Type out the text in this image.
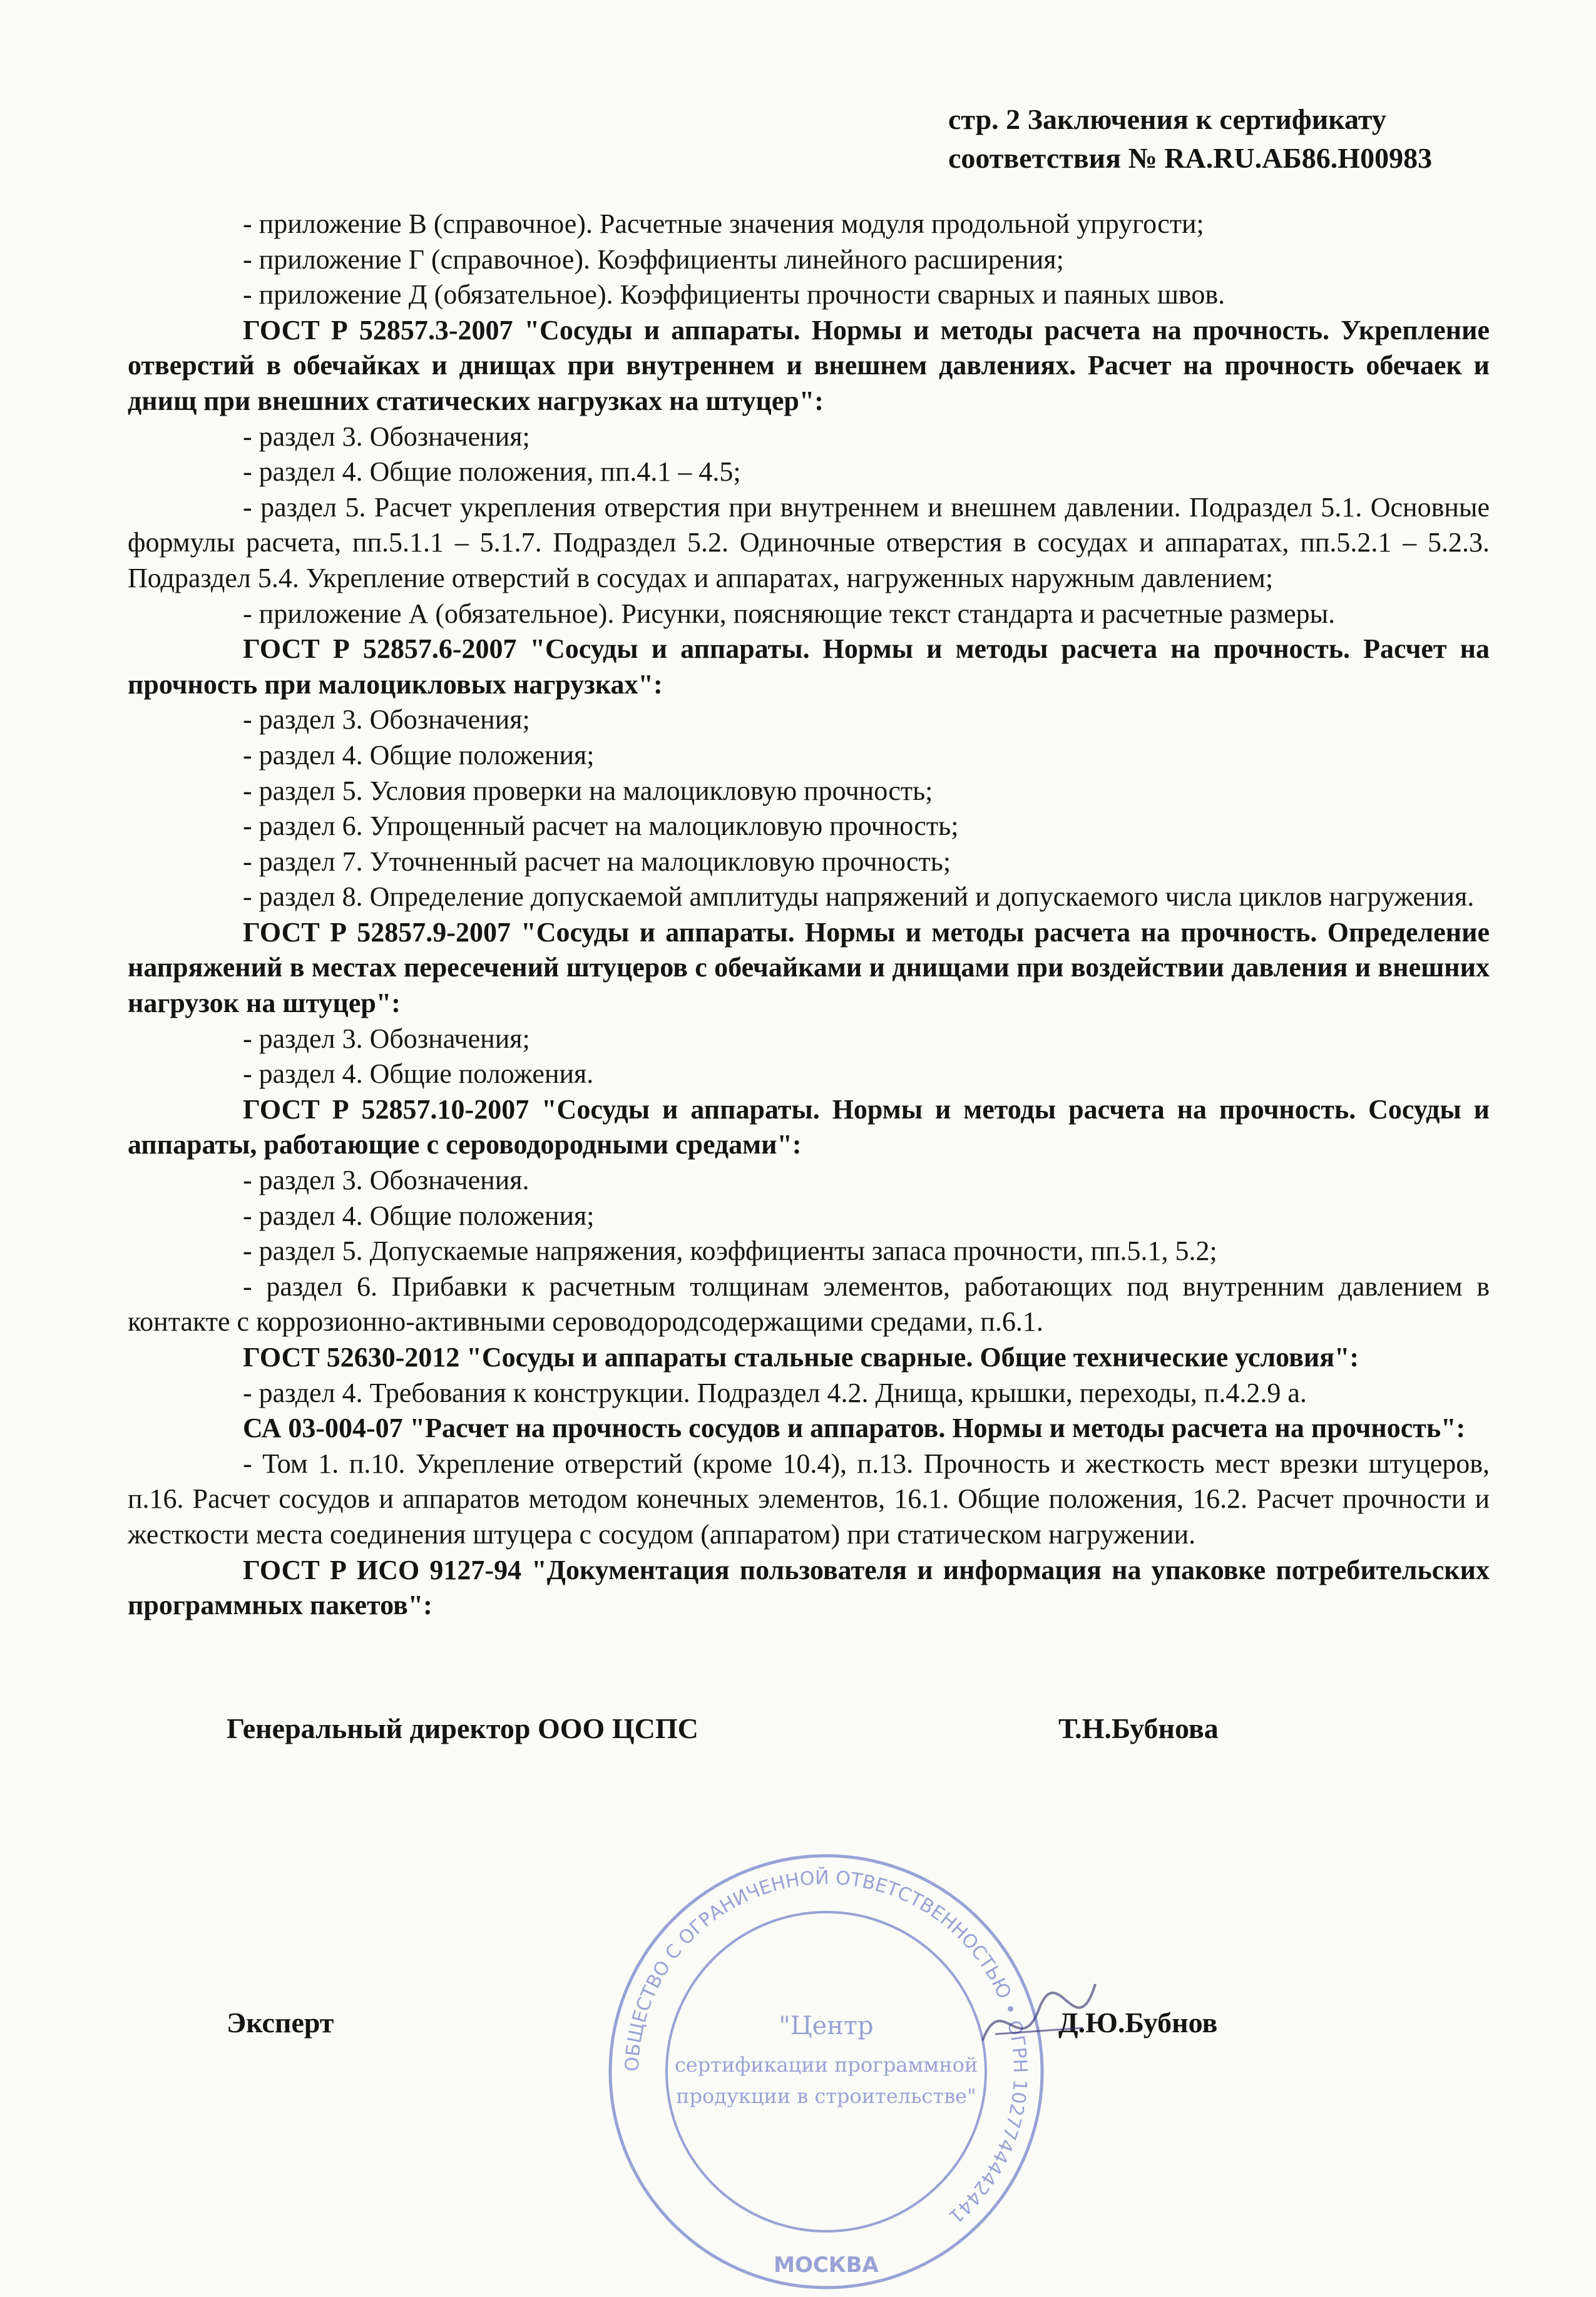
стр. 2 Заключения к сертификату
соответствия № RA.RU.АБ86.Н00983

- приложение В (справочное). Расчетные значения модуля продольной упругости;

- приложение Г (справочное). Коэффициенты линейного расширения;

- приложение Д (обязательное). Коэффициенты прочности сварных и паяных швов.

ГОСТ Р 52857.3-2007 "Сосуды и аппараты. Нормы и методы расчета на прочность. Укрепление отверстий в обечайках и днищах при внутреннем и внешнем давлениях. Расчет на прочность обечаек и днищ при внешних статических нагрузках на штуцер":

- раздел 3. Обозначения;

- раздел 4. Общие положения, пп.4.1 – 4.5;

- раздел 5. Расчет укрепления отверстия при внутреннем и внешнем давлении. Подраздел 5.1. Основные формулы расчета, пп.5.1.1 – 5.1.7. Подраздел 5.2. Одиночные отверстия в сосудах и аппаратах, пп.5.2.1 – 5.2.3. Подраздел 5.4. Укрепление отверстий в сосудах и аппаратах, нагруженных наружным давлением;

- приложение А (обязательное). Рисунки, поясняющие текст стандарта и расчетные размеры.

ГОСТ Р 52857.6-2007 "Сосуды и аппараты. Нормы и методы расчета на прочность. Расчет на прочность при малоцикловых нагрузках":

- раздел 3. Обозначения;

- раздел 4. Общие положения;

- раздел 5. Условия проверки на малоцикловую прочность;

- раздел 6. Упрощенный расчет на малоцикловую прочность;

- раздел 7. Уточненный расчет на малоцикловую прочность;

- раздел 8. Определение допускаемой амплитуды напряжений и допускаемого числа циклов нагружения.

ГОСТ Р 52857.9-2007 "Сосуды и аппараты. Нормы и методы расчета на прочность. Определение напряжений в местах пересечений штуцеров с обечайками и днищами при воздействии давления и внешних нагрузок на штуцер":

- раздел 3. Обозначения;

- раздел 4. Общие положения.

ГОСТ Р 52857.10-2007 "Сосуды и аппараты. Нормы и методы расчета на прочность. Сосуды и аппараты, работающие с сероводородными средами":

- раздел 3. Обозначения.

- раздел 4. Общие положения;

- раздел 5. Допускаемые напряжения, коэффициенты запаса прочности, пп.5.1, 5.2;

- раздел 6. Прибавки к расчетным толщинам элементов, работающих под внутренним давлением в контакте с коррозионно-активными сероводородсодержащими средами, п.6.1.

ГОСТ 52630-2012 "Сосуды и аппараты стальные сварные. Общие технические условия":

- раздел 4. Требования к конструкции. Подраздел 4.2. Днища, крышки, переходы, п.4.2.9 а.

СА 03-004-07 "Расчет на прочность сосудов и аппаратов. Нормы и методы расчета на прочность":

- Том 1. п.10. Укрепление отверстий (кроме 10.4), п.13. Прочность и жесткость мест врезки штуцеров, п.16. Расчет сосудов и аппаратов методом конечных элементов, 16.1. Общие положения, 16.2. Расчет прочности и жесткости места соединения штуцера с сосудом (аппаратом) при статическом нагружении.

ГОСТ Р ИСО 9127-94 "Документация пользователя и информация на упаковке потребительских программных пакетов":

Генеральный директор ООО ЦСПС	Т.Н.Бубнова
Эксперт	Д.Ю.Бубнов
ОБЩЕСТВО С ОГРАНИЧЕННОЙ ОТВЕТСТВЕННОСТЬЮ • ОГРН 1027744442441
"Центр
сертификации программной
продукции в строительстве"
МОСКВА
